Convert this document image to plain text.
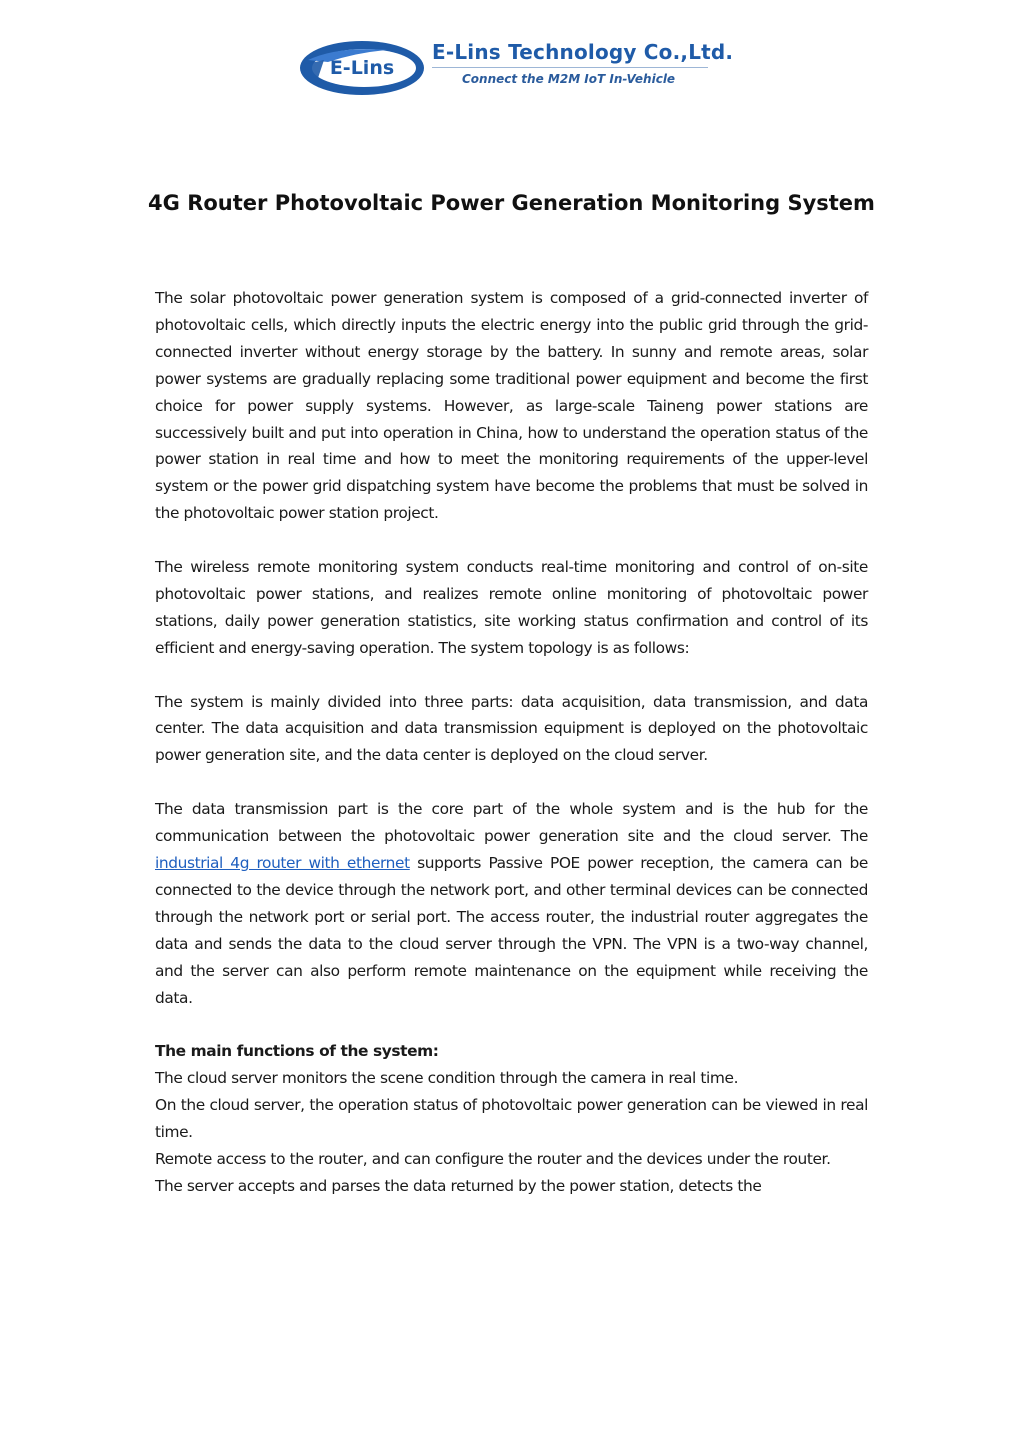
E-Lins
E-Lins Technology Co.,Ltd.
Connect the M2M IoT In-Vehicle
4G Router Photovoltaic Power Generation Monitoring System

The solar photovoltaic power generation system is composed of a grid-connected inverter of photovoltaic cells, which directly inputs the electric energy into the public grid through the grid-connected inverter without energy storage by the battery. In sunny and remote areas, solar power systems are gradually replacing some traditional power equipment and become the first choice for power supply systems. However, as large-scale Taineng power stations are successively built and put into operation in China, how to understand the operation status of the power station in real time and how to meet the monitoring requirements of the upper-level system or the power grid dispatching system have become the problems that must be solved in the photovoltaic power station project.

The wireless remote monitoring system conducts real-time monitoring and control of on-site photovoltaic power stations, and realizes remote online monitoring of photovoltaic power stations, daily power generation statistics, site working status confirmation and control of its efficient and energy-saving operation. The system topology is as follows:

The system is mainly divided into three parts: data acquisition, data transmission, and data center. The data acquisition and data transmission equipment is deployed on the photovoltaic power generation site, and the data center is deployed on the cloud server.

The data transmission part is the core part of the whole system and is the hub for the communication between the photovoltaic power generation site and the cloud server. The industrial 4g router with ethernet supports Passive POE power reception, the camera can be connected to the device through the network port, and other terminal devices can be connected through the network port or serial port. The access router, the industrial router aggregates the data and sends the data to the cloud server through the VPN. The VPN is a two-way channel, and the server can also perform remote maintenance on the equipment while receiving the data.

The main functions of the system:

The cloud server monitors the scene condition through the camera in real time.

On the cloud server, the operation status of photovoltaic power generation can be viewed in real time.

Remote access to the router, and can configure the router and the devices under the router.

The server accepts and parses the data returned by the power station, detects the
